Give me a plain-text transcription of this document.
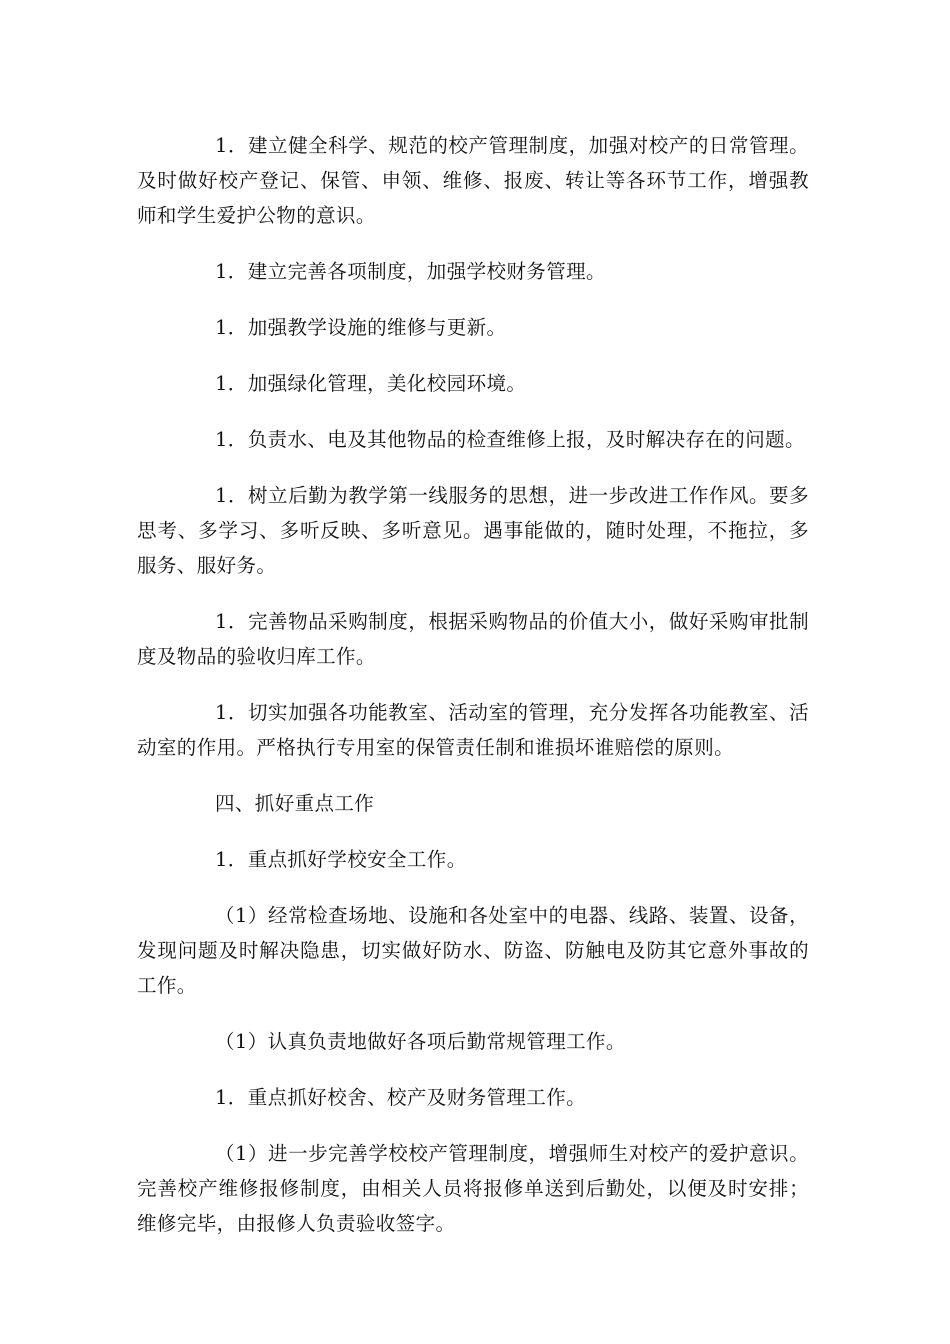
1．建立健全科学、规范的校产管理制度，加强对校产的日常管理。及时做好校产登记、保管、申领、维修、报废、转让等各环节工作，增强教师和学生爱护公物的意识。

1．建立完善各项制度，加强学校财务管理。

1．加强教学设施的维修与更新。

1．加强绿化管理，美化校园环境。

1．负责水、电及其他物品的检查维修上报，及时解决存在的问题。

1．树立后勤为教学第一线服务的思想，进一步改进工作作风。要多思考、多学习、多听反映、多听意见。遇事能做的，随时处理，不拖拉，多服务、服好务。

1．完善物品采购制度，根据采购物品的价值大小，做好采购审批制度及物品的验收归库工作。

1．切实加强各功能教室、活动室的管理，充分发挥各功能教室、活动室的作用。严格执行专用室的保管责任制和谁损坏谁赔偿的原则。

四、抓好重点工作

1．重点抓好学校安全工作。

（1）经常检查场地、设施和各处室中的电器、线路、装置、设备，发现问题及时解决隐患，切实做好防水、防盗、防触电及防其它意外事故的工作。

（1）认真负责地做好各项后勤常规管理工作。

1．重点抓好校舍、校产及财务管理工作。

（1）进一步完善学校校产管理制度，增强师生对校产的爱护意识。完善校产维修报修制度，由相关人员将报修单送到后勤处，以便及时安排；维修完毕，由报修人负责验收签字。
